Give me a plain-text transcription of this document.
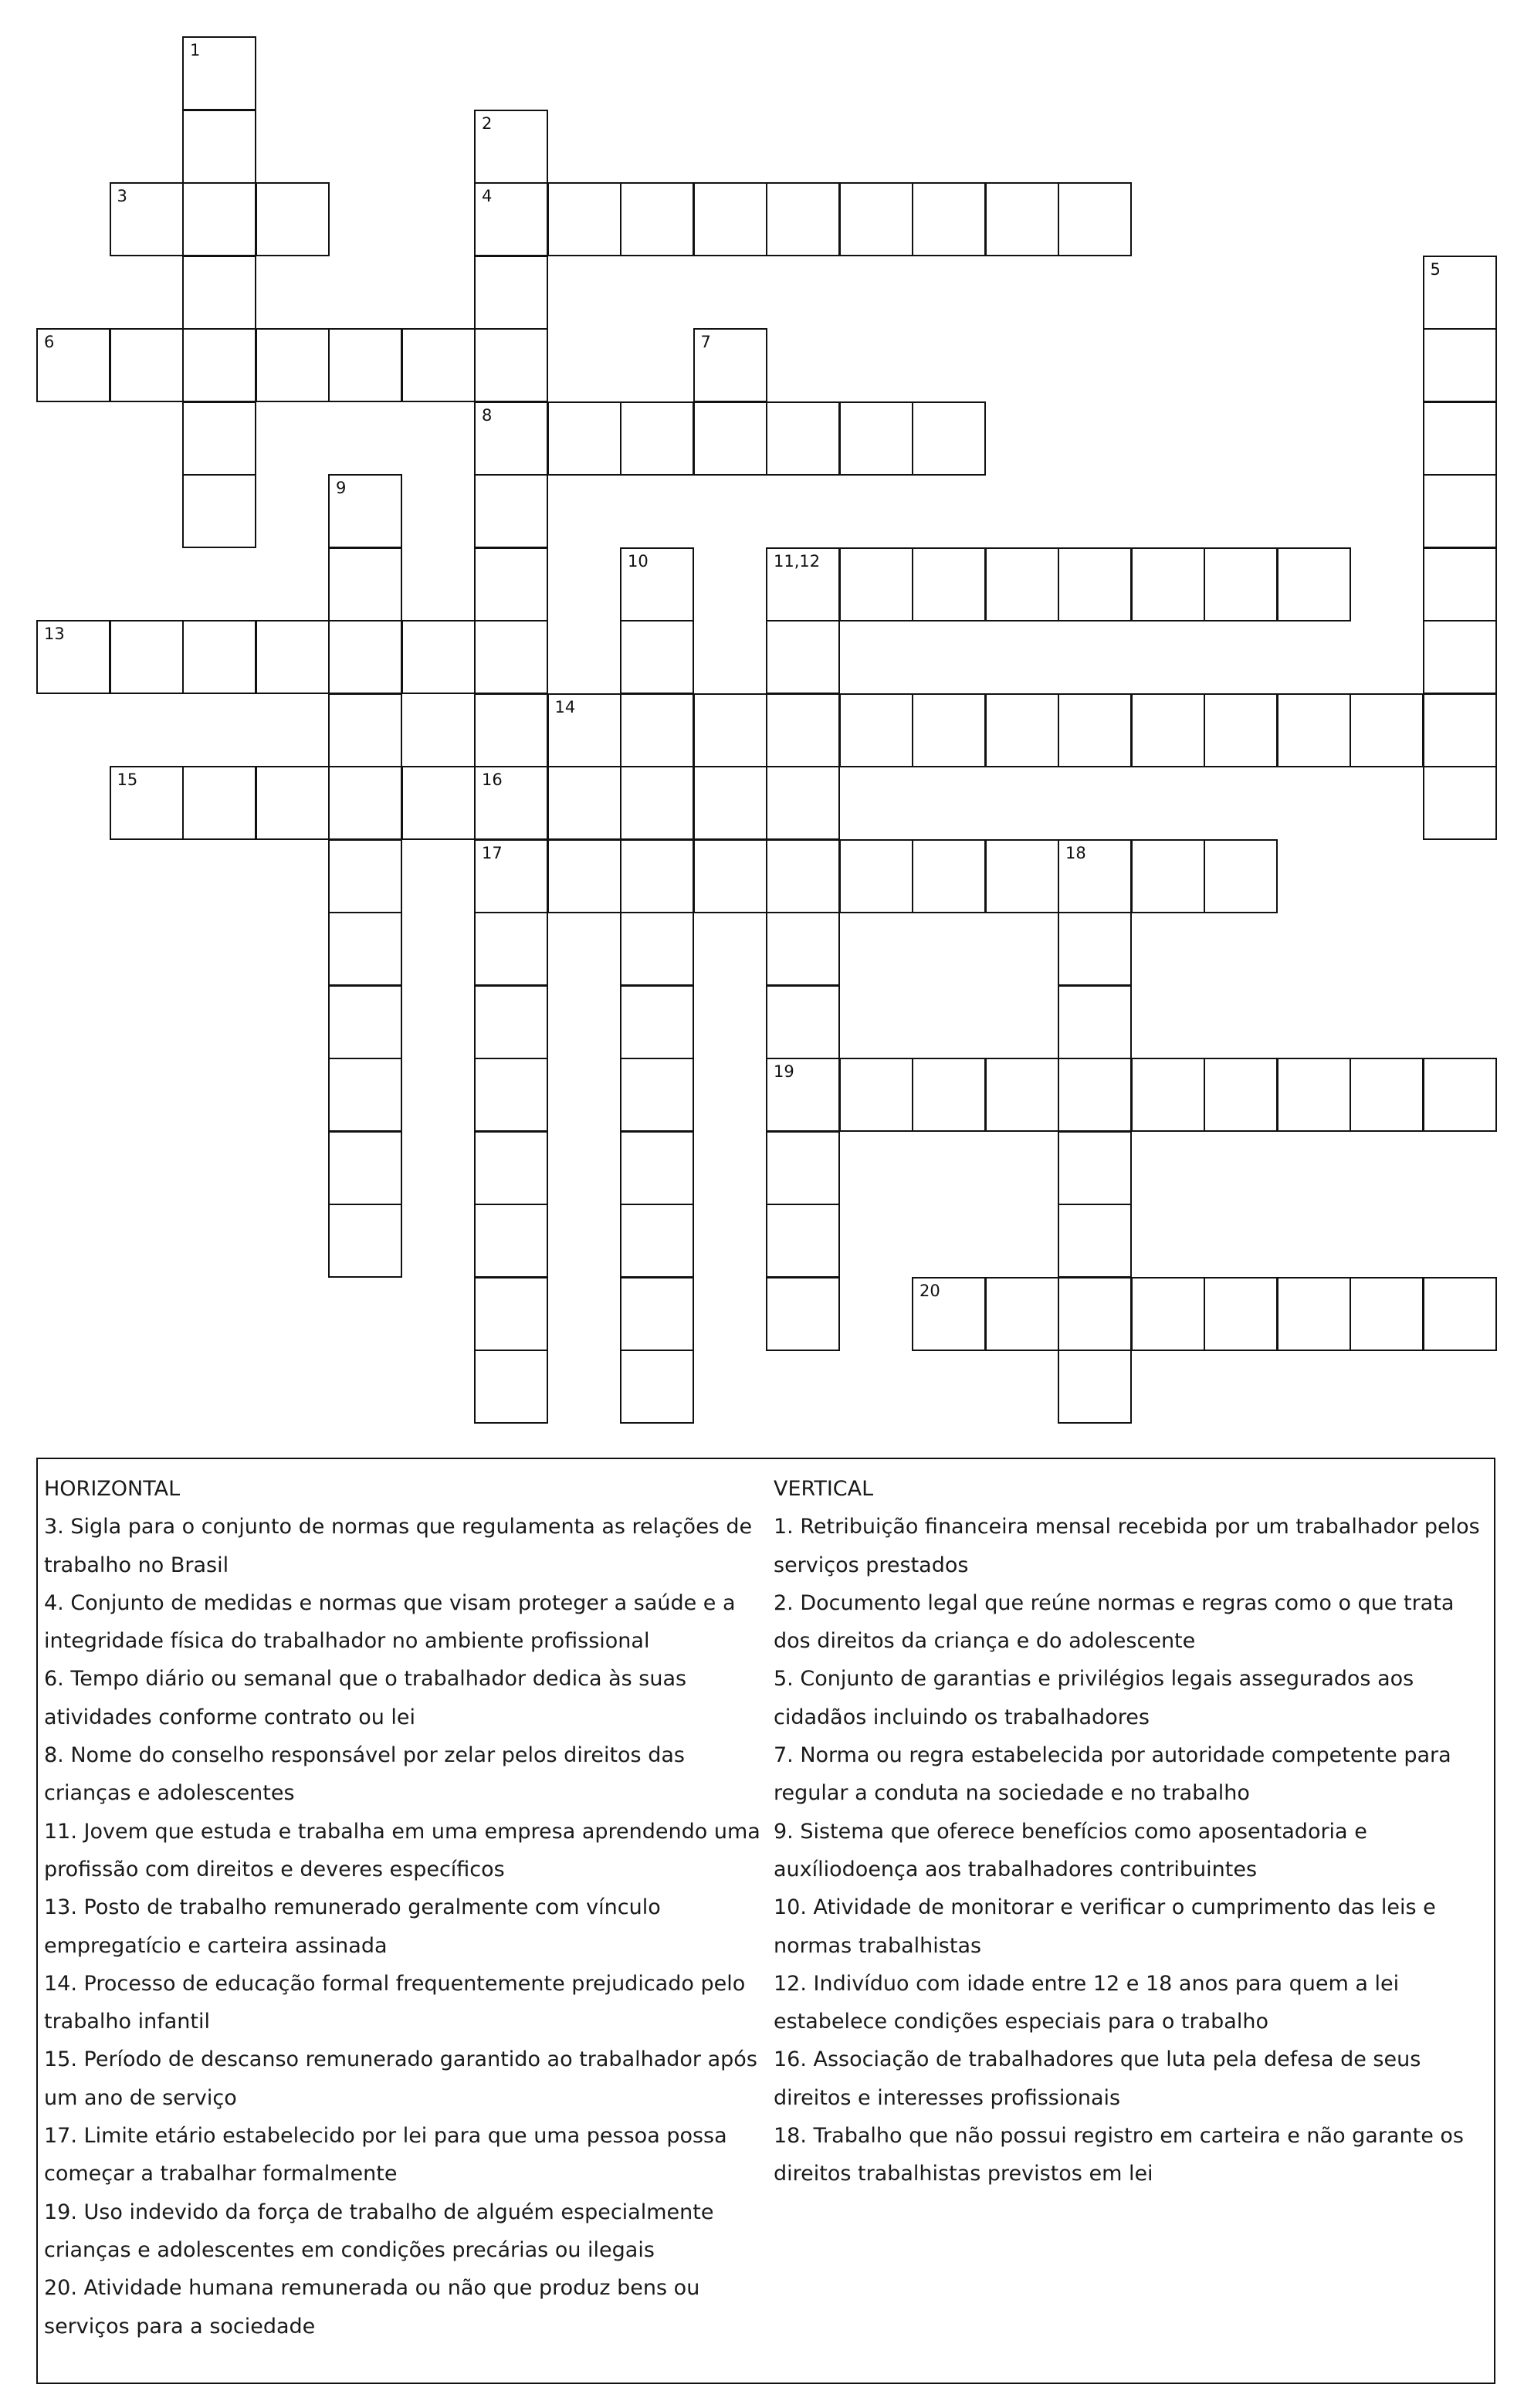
1
2
4
8
16
17
3
5
6	7
9
10	11,12
19
13
14
15
18
20

HORIZONTAL

3. Sigla para o conjunto de normas que regulamenta as relações de trabalho no Brasil

4. Conjunto de medidas e normas que visam proteger a saúde e a integridade física do trabalhador no ambiente profissional

6. Tempo diário ou semanal que o trabalhador dedica às suas atividades conforme contrato ou lei

8. Nome do conselho responsável por zelar pelos direitos das crianças e adolescentes

11. Jovem que estuda e trabalha em uma empresa aprendendo uma profissão com direitos e deveres específicos

13. Posto de trabalho remunerado geralmente com vínculo empregatício e carteira assinada

14. Processo de educação formal frequentemente prejudicado pelo trabalho infantil

15. Período de descanso remunerado garantido ao trabalhador após um ano de serviço

17. Limite etário estabelecido por lei para que uma pessoa possa começar a trabalhar formalmente

19. Uso indevido da força de trabalho de alguém especialmente crianças e adolescentes em condições precárias ou ilegais

20. Atividade humana remunerada ou não que produz bens ou serviços para a sociedade

VERTICAL

1. Retribuição financeira mensal recebida por um trabalhador pelos serviços prestados

2. Documento legal que reúne normas e regras como o que trata dos direitos da criança e do adolescente

5. Conjunto de garantias e privilégios legais assegurados aos cidadãos incluindo os trabalhadores

7. Norma ou regra estabelecida por autoridade competente para regular a conduta na sociedade e no trabalho

9. Sistema que oferece benefícios como aposentadoria e auxíliodoença aos trabalhadores contribuintes

10. Atividade de monitorar e verificar o cumprimento das leis e normas trabalhistas

12. Indivíduo com idade entre 12 e 18 anos para quem a lei estabelece condições especiais para o trabalho

16. Associação de trabalhadores que luta pela defesa de seus direitos e interesses profissionais

18. Trabalho que não possui registro em carteira e não garante os direitos trabalhistas previstos em lei
